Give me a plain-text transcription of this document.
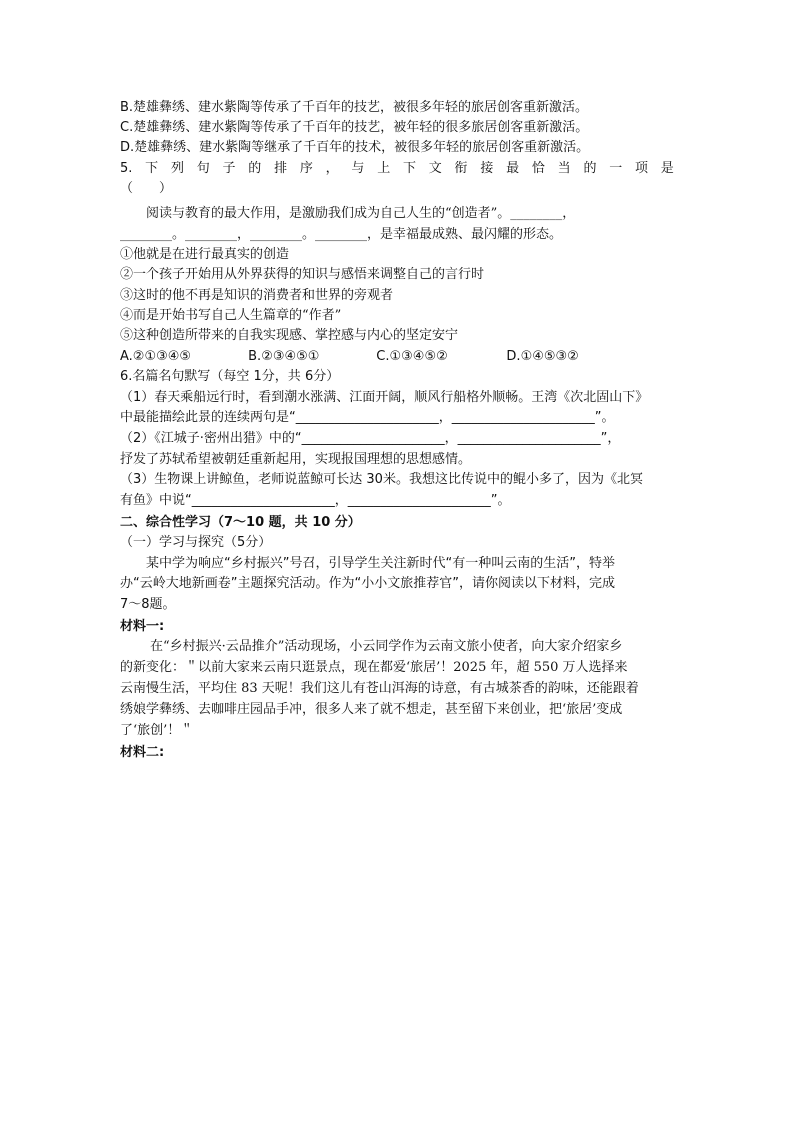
B.楚雄彝绣、建水紫陶等传承了千百年的技艺，被很多年轻的旅居创客重新激活。
C.楚雄彝绣、建水紫陶等传承了千百年的技艺，被年轻的很多旅居创客重新激活。
D.楚雄彝绣、建水紫陶等继承了千百年的技术，被很多年轻的旅居创客重新激活。
5. 下 列 句 子 的 排 序 ， 与 上 下 文 衔 接 最 恰 当 的 一 项 是
（　　）
阅读与教育的最大作用，是激励我们成为自己人生的“创造者”。________，
________。________，________。________，是幸福最成熟、最闪耀的形态。
①他就是在进行最真实的创造
②一个孩子开始用从外界获得的知识与感悟来调整自己的言行时
③这时的他不再是知识的消费者和世界的旁观者
④而是开始书写自己人生篇章的“作者”
⑤这种创造所带来的自我实现感、掌控感与内心的坚定安宁
A.②①③④⑤	B.②③④⑤①	C.①③④⑤②	D.①④⑤③②
6.名篇名句默写（每空 1分，共 6分）
（1）春天乘船远行时，看到潮水涨满、江面开阔，顺风行船格外顺畅。王湾《次北固山下》
中最能描绘此景的连续两句是“______________________，______________________”。
（2）《江城子·密州出猎》中的“______________________，______________________”，
抒发了苏轼希望被朝廷重新起用，实现报国理想的思想感情。
（3）生物课上讲鲸鱼，老师说蓝鲸可长达 30米。我想这比传说中的鲲小多了，因为《北冥
有鱼》中说“______________________，______________________”。
二、综合性学习（7～10 题，共 10 分）
（一）学习与探究（5分）
某中学为响应“乡村振兴”号召，引导学生关注新时代“有一种叫云南的生活”，特举
办“云岭大地新画卷”主题探究活动。作为“小小文旅推荐官”，请你阅读以下材料，完成
7～8题。
材料一:
在“乡村振兴·云品推介”活动现场，小云同学作为云南文旅小使者，向大家介绍家乡
的新变化：＂以前大家来云南只逛景点，现在都爱‘旅居’！2025 年，超 550 万人选择来
云南慢生活，平均住 83 天呢！我们这儿有苍山洱海的诗意，有古城茶香的韵味，还能跟着
绣娘学彝绣、去咖啡庄园品手冲，很多人来了就不想走，甚至留下来创业，把‘旅居’变成
了‘旅创’！＂
材料二:
